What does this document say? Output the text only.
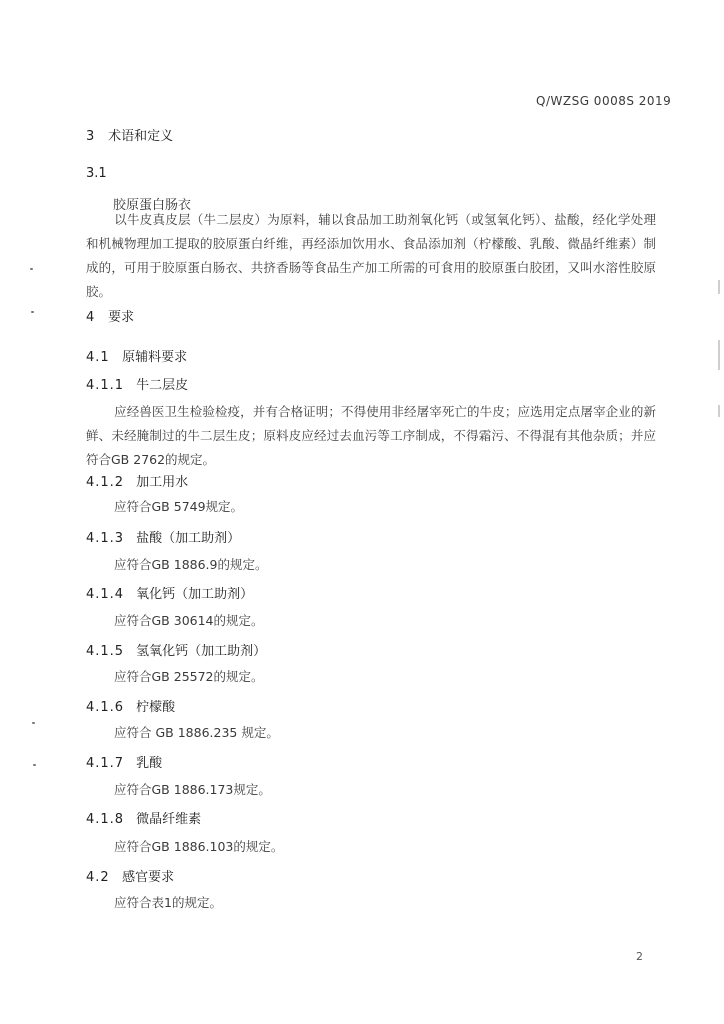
Q/WZSG 0008S 2019
3 术语和定义
3.1
胶原蛋白肠衣
以牛皮真皮层（牛二层皮）为原料，辅以食品加工助剂氧化钙（或氢氧化钙）、盐酸，经化学处理和机械物理加工提取的胶原蛋白纤维，再经添加饮用水、食品添加剂（柠檬酸、乳酸、微晶纤维素）制成的，可用于胶原蛋白肠衣、共挤香肠等食品生产加工所需的可食用的胶原蛋白胶团，又叫水溶性胶原胶。
4 要求
4.1 原辅料要求
4.1.1 牛二层皮
应经兽医卫生检验检疫，并有合格证明；不得使用非经屠宰死亡的牛皮；应选用定点屠宰企业的新鲜、未经腌制过的牛二层生皮；原料皮应经过去血污等工序制成，不得霜污、不得混有其他杂质；并应符合GB 2762的规定。
4.1.2 加工用水
应符合GB 5749规定。
4.1.3 盐酸（加工助剂）
应符合GB 1886.9的规定。
4.1.4 氧化钙（加工助剂）
应符合GB 30614的规定。
4.1.5 氢氧化钙（加工助剂）
应符合GB 25572的规定。
4.1.6 柠檬酸
应符合 GB 1886.235 规定。
4.1.7 乳酸
应符合GB 1886.173规定。
4.1.8 微晶纤维素
应符合GB 1886.103的规定。
4.2 感官要求
应符合表1的规定。
2
